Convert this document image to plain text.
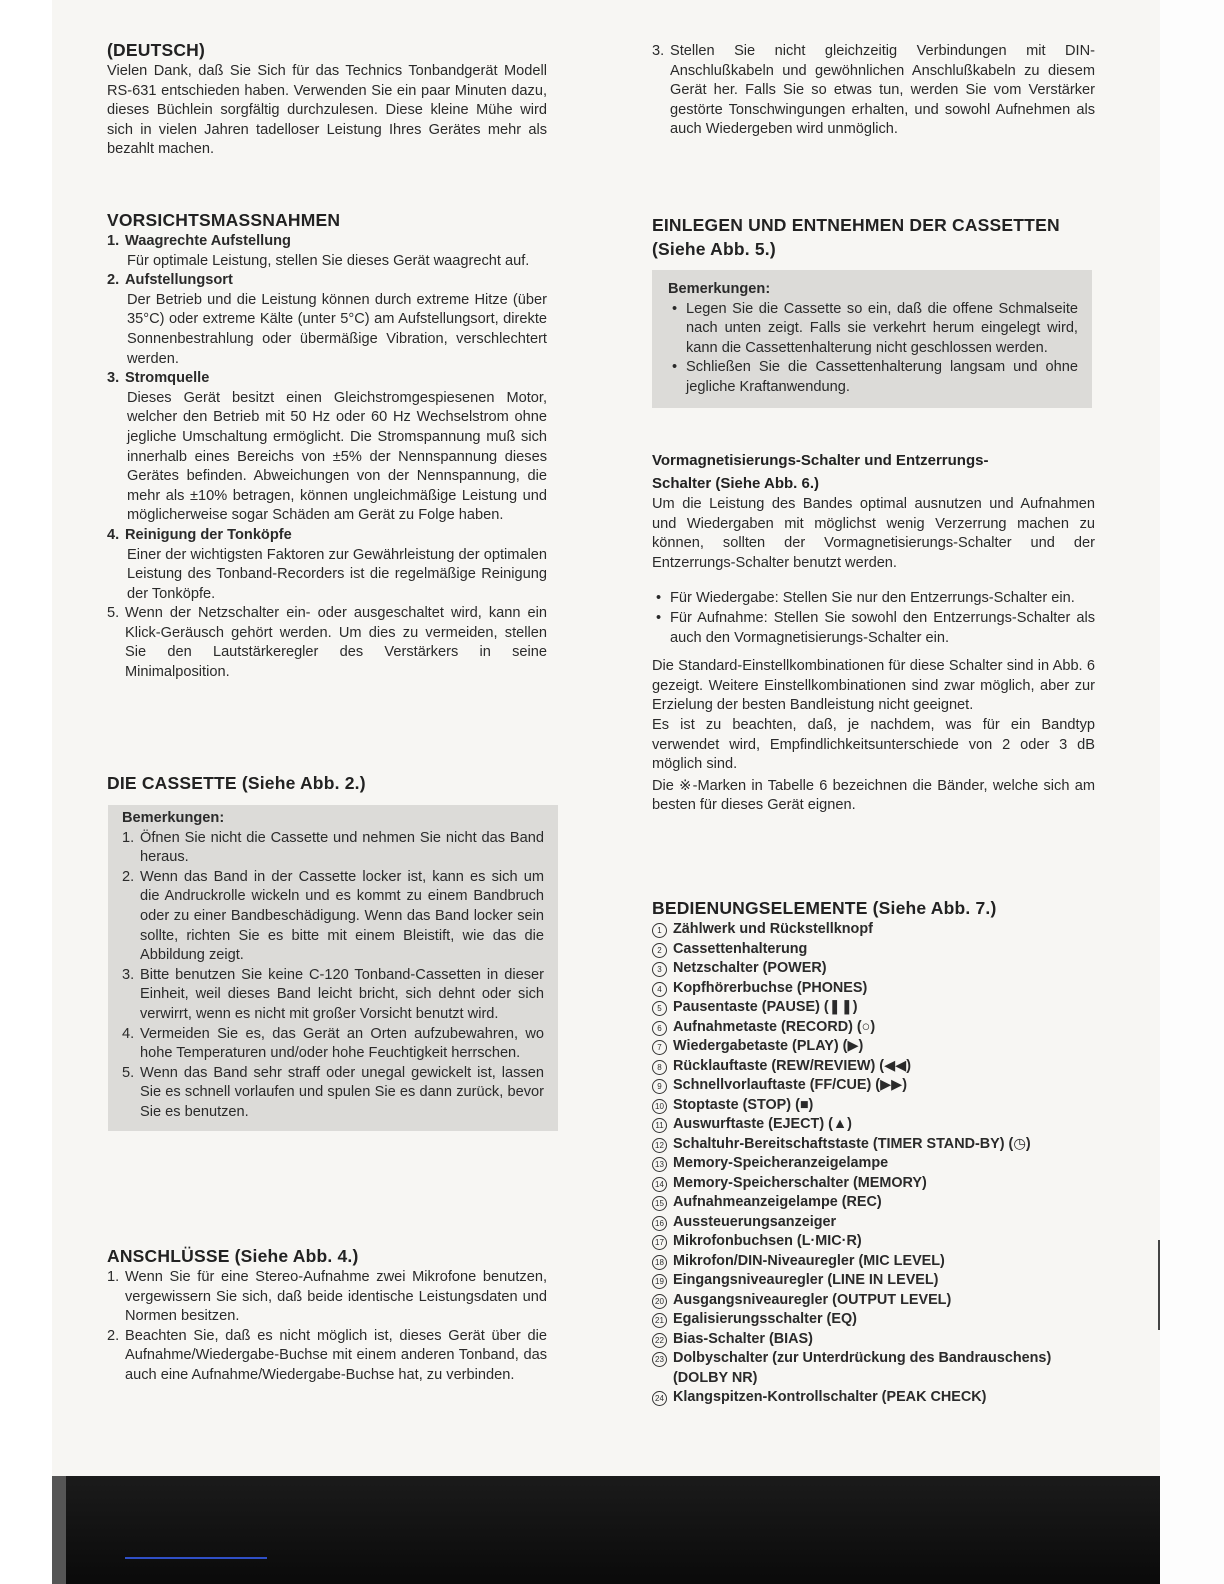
(DEUTSCH)

Vielen Dank, daß Sie Sich für das Technics Tonbandgerät Modell RS-631 entschieden haben. Verwenden Sie ein paar Minuten dazu, dieses Büchlein sorgfältig durchzulesen. Diese kleine Mühe wird sich in vielen Jahren tadelloser Leistung Ihres Gerätes mehr als bezahlt machen.

VORSICHTSMASSNAHMEN
1. Waagrechte Aufstellung
Für optimale Leistung, stellen Sie dieses Gerät waagrecht auf.
2. Aufstellungsort
Der Betrieb und die Leistung können durch extreme Hitze (über 35°C) oder extreme Kälte (unter 5°C) am Aufstellungsort, direkte Sonnenbestrahlung oder übermäßige Vibration, verschlechtert werden.
3. Stromquelle
Dieses Gerät besitzt einen Gleichstromgespiesenen Motor, welcher den Betrieb mit 50 Hz oder 60 Hz Wechselstrom ohne jegliche Umschaltung ermöglicht. Die Stromspannung muß sich innerhalb eines Bereichs von ±5% der Nennspannung dieses Gerätes befinden. Abweichungen von der Nennspannung, die mehr als ±10% betragen, können ungleichmäßige Leistung und möglicherweise sogar Schäden am Gerät zu Folge haben.
4. Reinigung der Tonköpfe
Einer der wichtigsten Faktoren zur Gewährleistung der optimalen Leistung des Tonband-Recorders ist die regelmäßige Reinigung der Tonköpfe.
5. Wenn der Netzschalter ein- oder ausgeschaltet wird, kann ein Klick-Geräusch gehört werden. Um dies zu vermeiden, stellen Sie den Lautstärkeregler des Verstärkers in seine Minimalposition.
DIE CASSETTE (Siehe Abb. 2.)
Bemerkungen:
1. Öfnen Sie nicht die Cassette und nehmen Sie nicht das Band heraus.
2. Wenn das Band in der Cassette locker ist, kann es sich um die Andruckrolle wickeln und es kommt zu einem Bandbruch oder zu einer Bandbeschädigung. Wenn das Band locker sein sollte, richten Sie es bitte mit einem Bleistift, wie das die Abbildung zeigt.
3. Bitte benutzen Sie keine C-120 Tonband-Cassetten in dieser Einheit, weil dieses Band leicht bricht, sich dehnt oder sich verwirrt, wenn es nicht mit großer Vorsicht benutzt wird.
4. Vermeiden Sie es, das Gerät an Orten aufzubewahren, wo hohe Temperaturen und/oder hohe Feuchtigkeit herrschen.
5. Wenn das Band sehr straff oder unegal gewickelt ist, lassen Sie es schnell vorlaufen und spulen Sie es dann zurück, bevor Sie es benutzen.
ANSCHLÜSSE (Siehe Abb. 4.)
1. Wenn Sie für eine Stereo-Aufnahme zwei Mikrofone benutzen, vergewissern Sie sich, daß beide identische Leistungsdaten und Normen besitzen.
2. Beachten Sie, daß es nicht möglich ist, dieses Gerät über die Aufnahme/Wiedergabe-Buchse mit einem anderen Tonband, das auch eine Aufnahme/Wiedergabe-Buchse hat, zu verbinden.
3. Stellen Sie nicht gleichzeitig Verbindungen mit DIN-Anschlußkabeln und gewöhnlichen Anschlußkabeln zu diesem Gerät her. Falls Sie so etwas tun, werden Sie vom Verstärker gestörte Tonschwingungen erhalten, und sowohl Aufnehmen als auch Wiedergeben wird unmöglich.
EINLEGEN UND ENTNEHMEN DER CASSETTEN
(Siehe Abb. 5.)
Bemerkungen:
• Legen Sie die Cassette so ein, daß die offene Schmalseite nach unten zeigt. Falls sie verkehrt herum eingelegt wird, kann die Cassettenhalterung nicht geschlossen werden.
• Schließen Sie die Cassettenhalterung langsam und ohne jegliche Kraftanwendung.
Vormagnetisierungs-Schalter und Entzerrungs-
Schalter (Siehe Abb. 6.)

Um die Leistung des Bandes optimal ausnutzen und Aufnahmen und Wiedergaben mit möglichst wenig Verzerrung machen zu können, sollten der Vormagnetisierungs-Schalter und der Entzerrungs-Schalter benutzt werden.

• Für Wiedergabe: Stellen Sie nur den Entzerrungs-Schalter ein.
• Für Aufnahme: Stellen Sie sowohl den Entzerrungs-Schalter als auch den Vormagnetisierungs-Schalter ein.

Die Standard-Einstellkombinationen für diese Schalter sind in Abb. 6 gezeigt. Weitere Einstellkombinationen sind zwar möglich, aber zur Erzielung der besten Bandleistung nicht geeignet.

Es ist zu beachten, daß, je nachdem, was für ein Bandtyp verwendet wird, Empfindlichkeitsunterschiede von 2 oder 3 dB möglich sind.

Die ※-Marken in Tabelle 6 bezeichnen die Bänder, welche sich am besten für dieses Gerät eignen.

BEDIENUNGSELEMENTE (Siehe Abb. 7.)
1 Zählwerk und Rückstellknopf
2 Cassettenhalterung
3 Netzschalter (POWER)
4 Kopfhörerbuchse (PHONES)
5 Pausentaste (PAUSE) (❚❚)
6 Aufnahmetaste (RECORD) (○)
7 Wiedergabetaste (PLAY) (▶)
8 Rücklauftaste (REW/REVIEW) (◀◀)
9 Schnellvorlauftaste (FF/CUE) (▶▶)
10 Stoptaste (STOP) (■)
11 Auswurftaste (EJECT) (▲)
12 Schaltuhr-Bereitschaftstaste (TIMER STAND-BY) (◷)
13 Memory-Speicheranzeigelampe
14 Memory-Speicherschalter (MEMORY)
15 Aufnahmeanzeigelampe (REC)
16 Aussteuerungsanzeiger
17 Mikrofonbuchsen (L·MIC·R)
18 Mikrofon/DIN-Niveauregler (MIC LEVEL)
19 Eingangsniveauregler (LINE IN LEVEL)
20 Ausgangsniveauregler (OUTPUT LEVEL)
21 Egalisierungsschalter (EQ)
22 Bias-Schalter (BIAS)
23 Dolbyschalter (zur Unterdrückung des Bandrauschens) (DOLBY NR)
24 Klangspitzen-Kontrollschalter (PEAK CHECK)
